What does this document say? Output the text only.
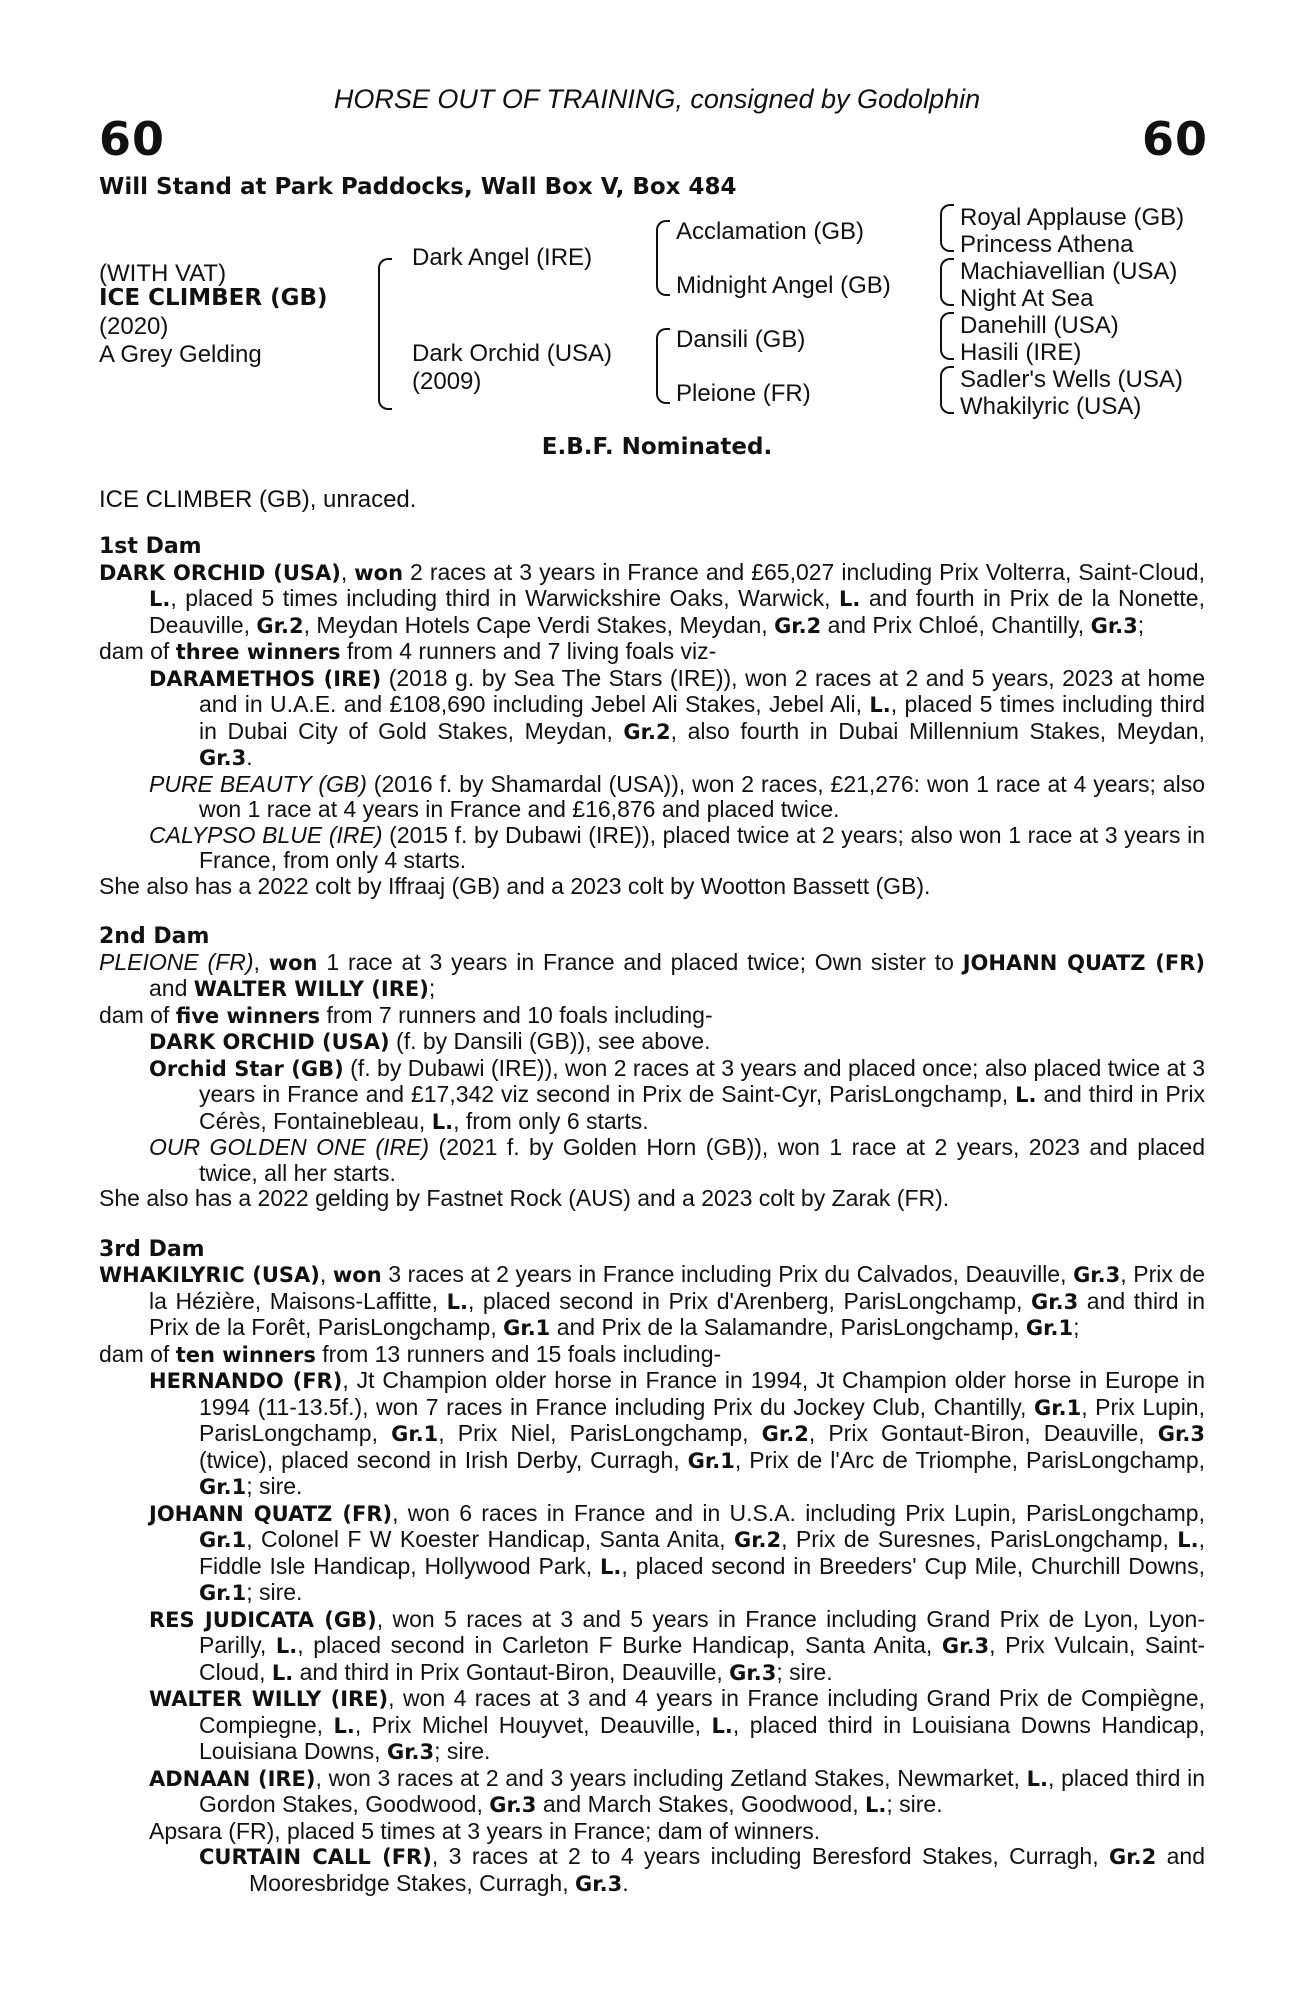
HORSE OUT OF TRAINING, consigned by Godolphin
60	60
Will Stand at Park Paddocks, Wall Box V, Box 484
(WITH VAT)
ICE CLIMBER (GB)
(2020)
A Grey Gelding
Dark Angel (IRE)
Dark Orchid (USA)
(2009)
Acclamation (GB)
Midnight Angel (GB)
Dansili (GB)
Pleione (FR)
Royal Applause (GB)
Princess Athena
Machiavellian (USA)
Night At Sea
Danehill (USA)
Hasili (IRE)
Sadler's Wells (USA)
Whakilyric (USA)
E.B.F. Nominated.
ICE CLIMBER (GB), unraced.
1st Dam
DARK ORCHID (USA), won 2 races at 3 years in France and £65,027 including Prix Volterra, Saint-Cloud, L., placed 5 times including third in Warwickshire Oaks, Warwick, L. and fourth in Prix de la Nonette, Deauville, Gr.2, Meydan Hotels Cape Verdi Stakes, Meydan, Gr.2 and Prix Chloé, Chantilly, Gr.3;
dam of three winners from 4 runners and 7 living foals viz-
DARAMETHOS (IRE) (2018 g. by Sea The Stars (IRE)), won 2 races at 2 and 5 years, 2023 at home and in U.A.E. and £108,690 including Jebel Ali Stakes, Jebel Ali, L., placed 5 times including third in Dubai City of Gold Stakes, Meydan, Gr.2, also fourth in Dubai Millennium Stakes, Meydan, Gr.3.
PURE BEAUTY (GB) (2016 f. by Shamardal (USA)), won 2 races, £21,276: won 1 race at 4 years; also won 1 race at 4 years in France and £16,876 and placed twice.
CALYPSO BLUE (IRE) (2015 f. by Dubawi (IRE)), placed twice at 2 years; also won 1 race at 3 years in France, from only 4 starts.
She also has a 2022 colt by Iffraaj (GB) and a 2023 colt by Wootton Bassett (GB).
2nd Dam
PLEIONE (FR), won 1 race at 3 years in France and placed twice; Own sister to JOHANN QUATZ (FR) and WALTER WILLY (IRE);
dam of five winners from 7 runners and 10 foals including-
DARK ORCHID (USA) (f. by Dansili (GB)), see above.
Orchid Star (GB) (f. by Dubawi (IRE)), won 2 races at 3 years and placed once; also placed twice at 3 years in France and £17,342 viz second in Prix de Saint-Cyr, ParisLongchamp, L. and third in Prix Cérès, Fontainebleau, L., from only 6 starts.
OUR GOLDEN ONE (IRE) (2021 f. by Golden Horn (GB)), won 1 race at 2 years, 2023 and placed twice, all her starts.
She also has a 2022 gelding by Fastnet Rock (AUS) and a 2023 colt by Zarak (FR).
3rd Dam
WHAKILYRIC (USA), won 3 races at 2 years in France including Prix du Calvados, Deauville, Gr.3, Prix de la Hézière, Maisons-Laffitte, L., placed second in Prix d'Arenberg, ParisLongchamp, Gr.3 and third in Prix de la Forêt, ParisLongchamp, Gr.1 and Prix de la Salamandre, ParisLongchamp, Gr.1;
dam of ten winners from 13 runners and 15 foals including-
HERNANDO (FR), Jt Champion older horse in France in 1994, Jt Champion older horse in Europe in 1994 (11-13.5f.), won 7 races in France including Prix du Jockey Club, Chantilly, Gr.1, Prix Lupin, ParisLongchamp, Gr.1, Prix Niel, ParisLongchamp, Gr.2, Prix Gontaut-Biron, Deauville, Gr.3 (twice), placed second in Irish Derby, Curragh, Gr.1, Prix de l'Arc de Triomphe, ParisLongchamp, Gr.1; sire.
JOHANN QUATZ (FR), won 6 races in France and in U.S.A. including Prix Lupin, ParisLongchamp, Gr.1, Colonel F W Koester Handicap, Santa Anita, Gr.2, Prix de Suresnes, ParisLongchamp, L., Fiddle Isle Handicap, Hollywood Park, L., placed second in Breeders' Cup Mile, Churchill Downs, Gr.1; sire.
RES JUDICATA (GB), won 5 races at 3 and 5 years in France including Grand Prix de Lyon, Lyon-Parilly, L., placed second in Carleton F Burke Handicap, Santa Anita, Gr.3, Prix Vulcain, Saint-Cloud, L. and third in Prix Gontaut-Biron, Deauville, Gr.3; sire.
WALTER WILLY (IRE), won 4 races at 3 and 4 years in France including Grand Prix de Compiègne, Compiegne, L., Prix Michel Houyvet, Deauville, L., placed third in Louisiana Downs Handicap, Louisiana Downs, Gr.3; sire.
ADNAAN (IRE), won 3 races at 2 and 3 years including Zetland Stakes, Newmarket, L., placed third in Gordon Stakes, Goodwood, Gr.3 and March Stakes, Goodwood, L.; sire.
Apsara (FR), placed 5 times at 3 years in France; dam of winners.
CURTAIN CALL (FR), 3 races at 2 to 4 years including Beresford Stakes, Curragh, Gr.2 and Mooresbridge Stakes, Curragh, Gr.3.
